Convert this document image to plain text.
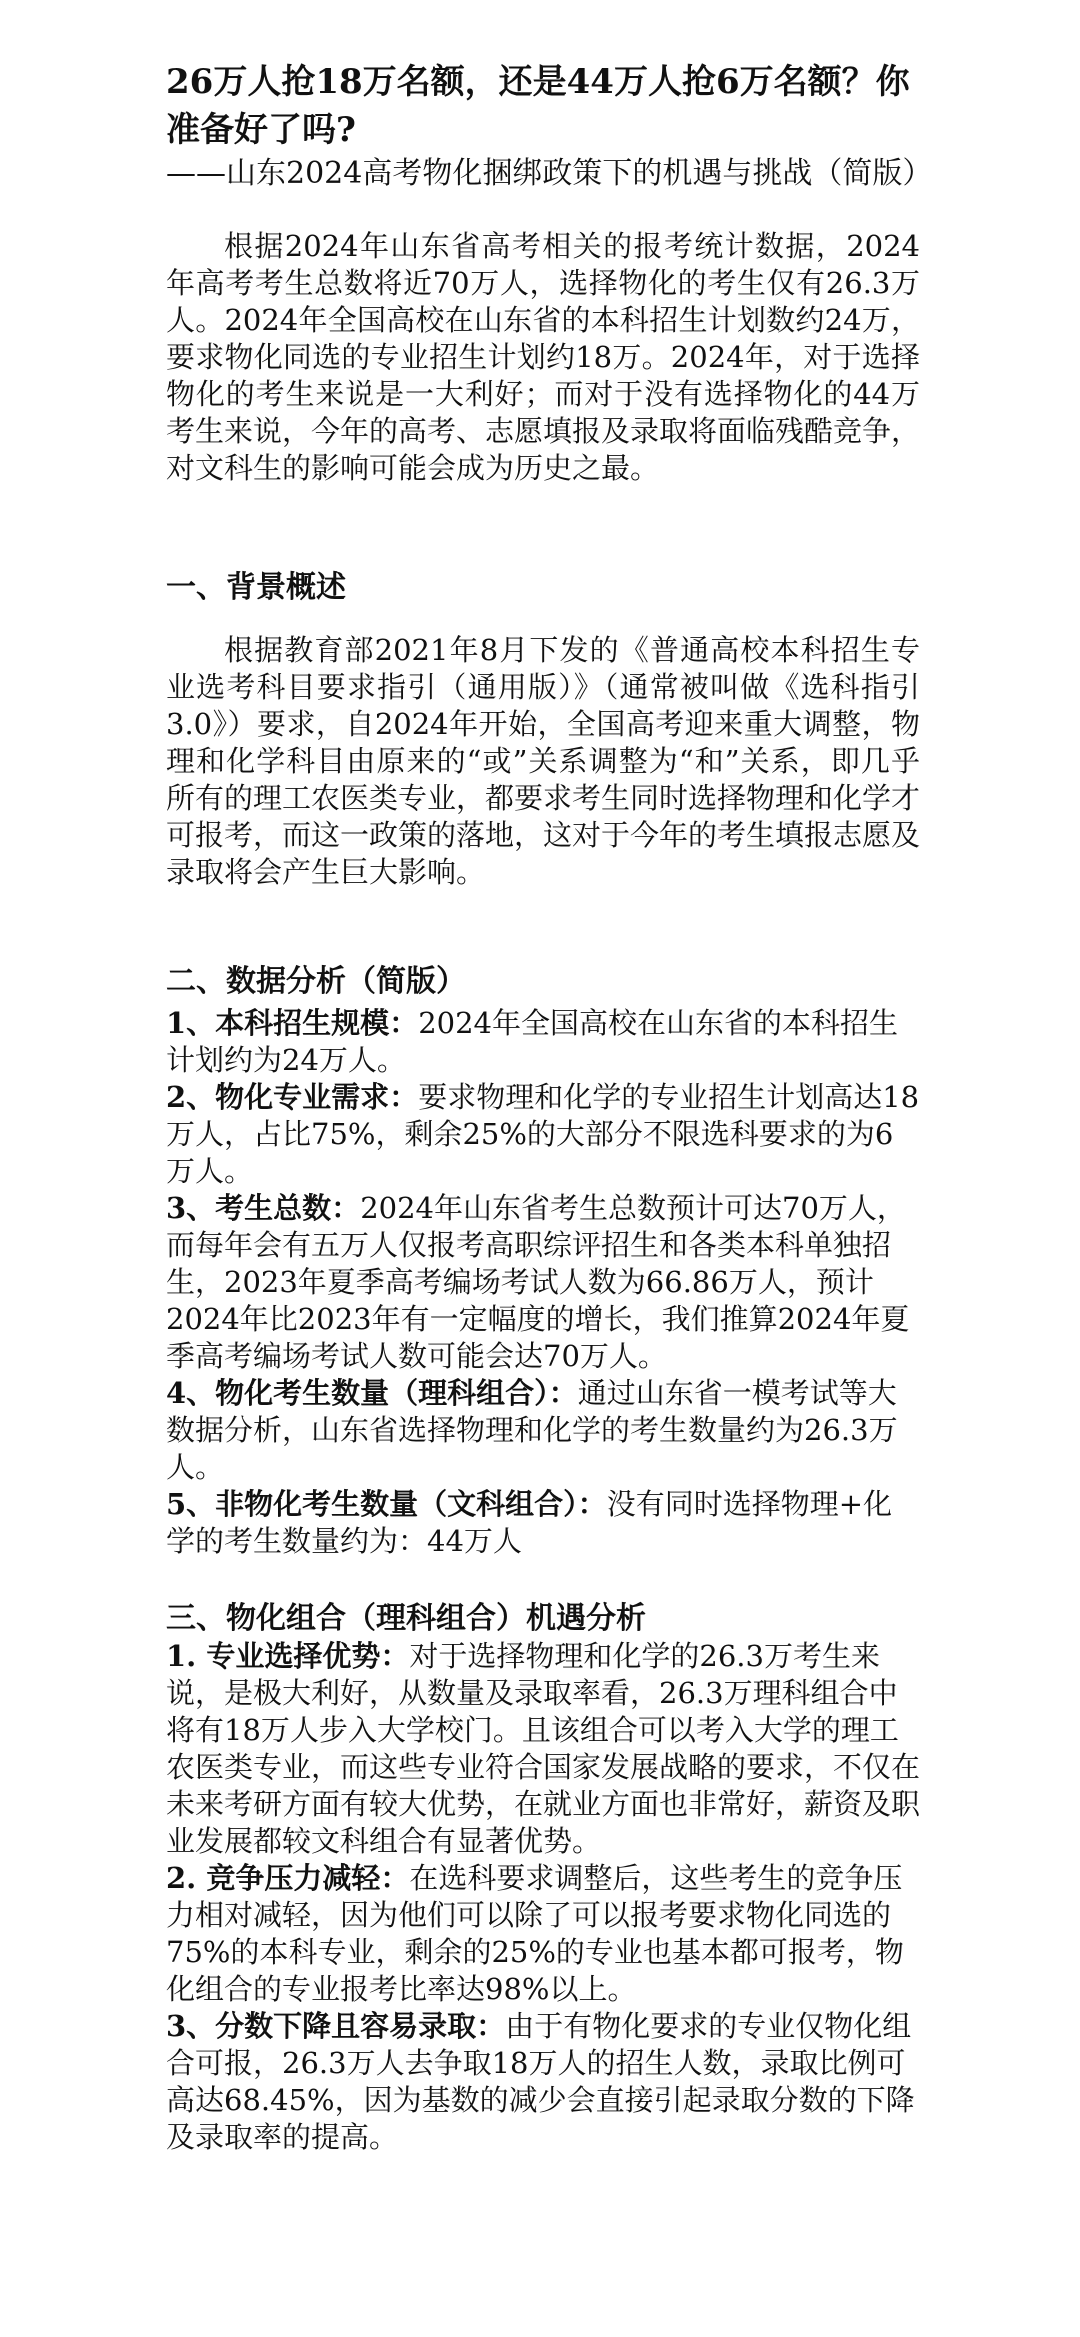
26万人抢18万名额，还是44万人抢6万名额？你准备好了吗?

——山东2024高考物化捆绑政策下的机遇与挑战（简版）

根据2024年山东省高考相关的报考统计数据，2024年高考考生总数将近70万人，选择物化的考生仅有26.3万人。2024年全国高校在山东省的本科招生计划数约24万，要求物化同选的专业招生计划约18万。2024年，对于选择物化的考生来说是一大利好；而对于没有选择物化的44万考生来说，今年的高考、志愿填报及录取将面临残酷竞争，对文科生的影响可能会成为历史之最。

一、背景概述

根据教育部2021年8月下发的《普通高校本科招生专业选考科目要求指引（通用版）》（通常被叫做《选科指引3.0》）要求，自2024年开始，全国高考迎来重大调整，物理和化学科目由原来的“或”关系调整为“和”关系，即几乎所有的理工农医类专业，都要求考生同时选择物理和化学才可报考，而这一政策的落地，这对于今年的考生填报志愿及录取将会产生巨大影响。

二、数据分析（简版）

1、本科招生规模：2024年全国高校在山东省的本科招生计划约为24万人。

2、物化专业需求：要求物理和化学的专业招生计划高达18万人，占比75%，剩余25%的大部分不限选科要求的为6万人。

3、考生总数：2024年山东省考生总数预计可达70万人，而每年会有五万人仅报考高职综评招生和各类本科单独招生，2023年夏季高考编场考试人数为66.86万人，预计2024年比2023年有一定幅度的增长，我们推算2024年夏季高考编场考试人数可能会达70万人。

4、物化考生数量（理科组合）：通过山东省一模考试等大数据分析，山东省选择物理和化学的考生数量约为26.3万人。

5、非物化考生数量（文科组合）：没有同时选择物理+化学的考生数量约为：44万人

三、物化组合（理科组合）机遇分析

1. 专业选择优势：对于选择物理和化学的26.3万考生来说，是极大利好，从数量及录取率看，26.3万理科组合中将有18万人步入大学校门。且该组合可以考入大学的理工农医类专业，而这些专业符合国家发展战略的要求，不仅在未来考研方面有较大优势，在就业方面也非常好，薪资及职业发展都较文科组合有显著优势。

2. 竞争压力减轻：在选科要求调整后，这些考生的竞争压力相对减轻，因为他们可以除了可以报考要求物化同选的75%的本科专业，剩余的25%的专业也基本都可报考，物化组合的专业报考比率达98%以上。

3、分数下降且容易录取：由于有物化要求的专业仅物化组合可报，26.3万人去争取18万人的招生人数，录取比例可高达68.45%，因为基数的减少会直接引起录取分数的下降及录取率的提高。
